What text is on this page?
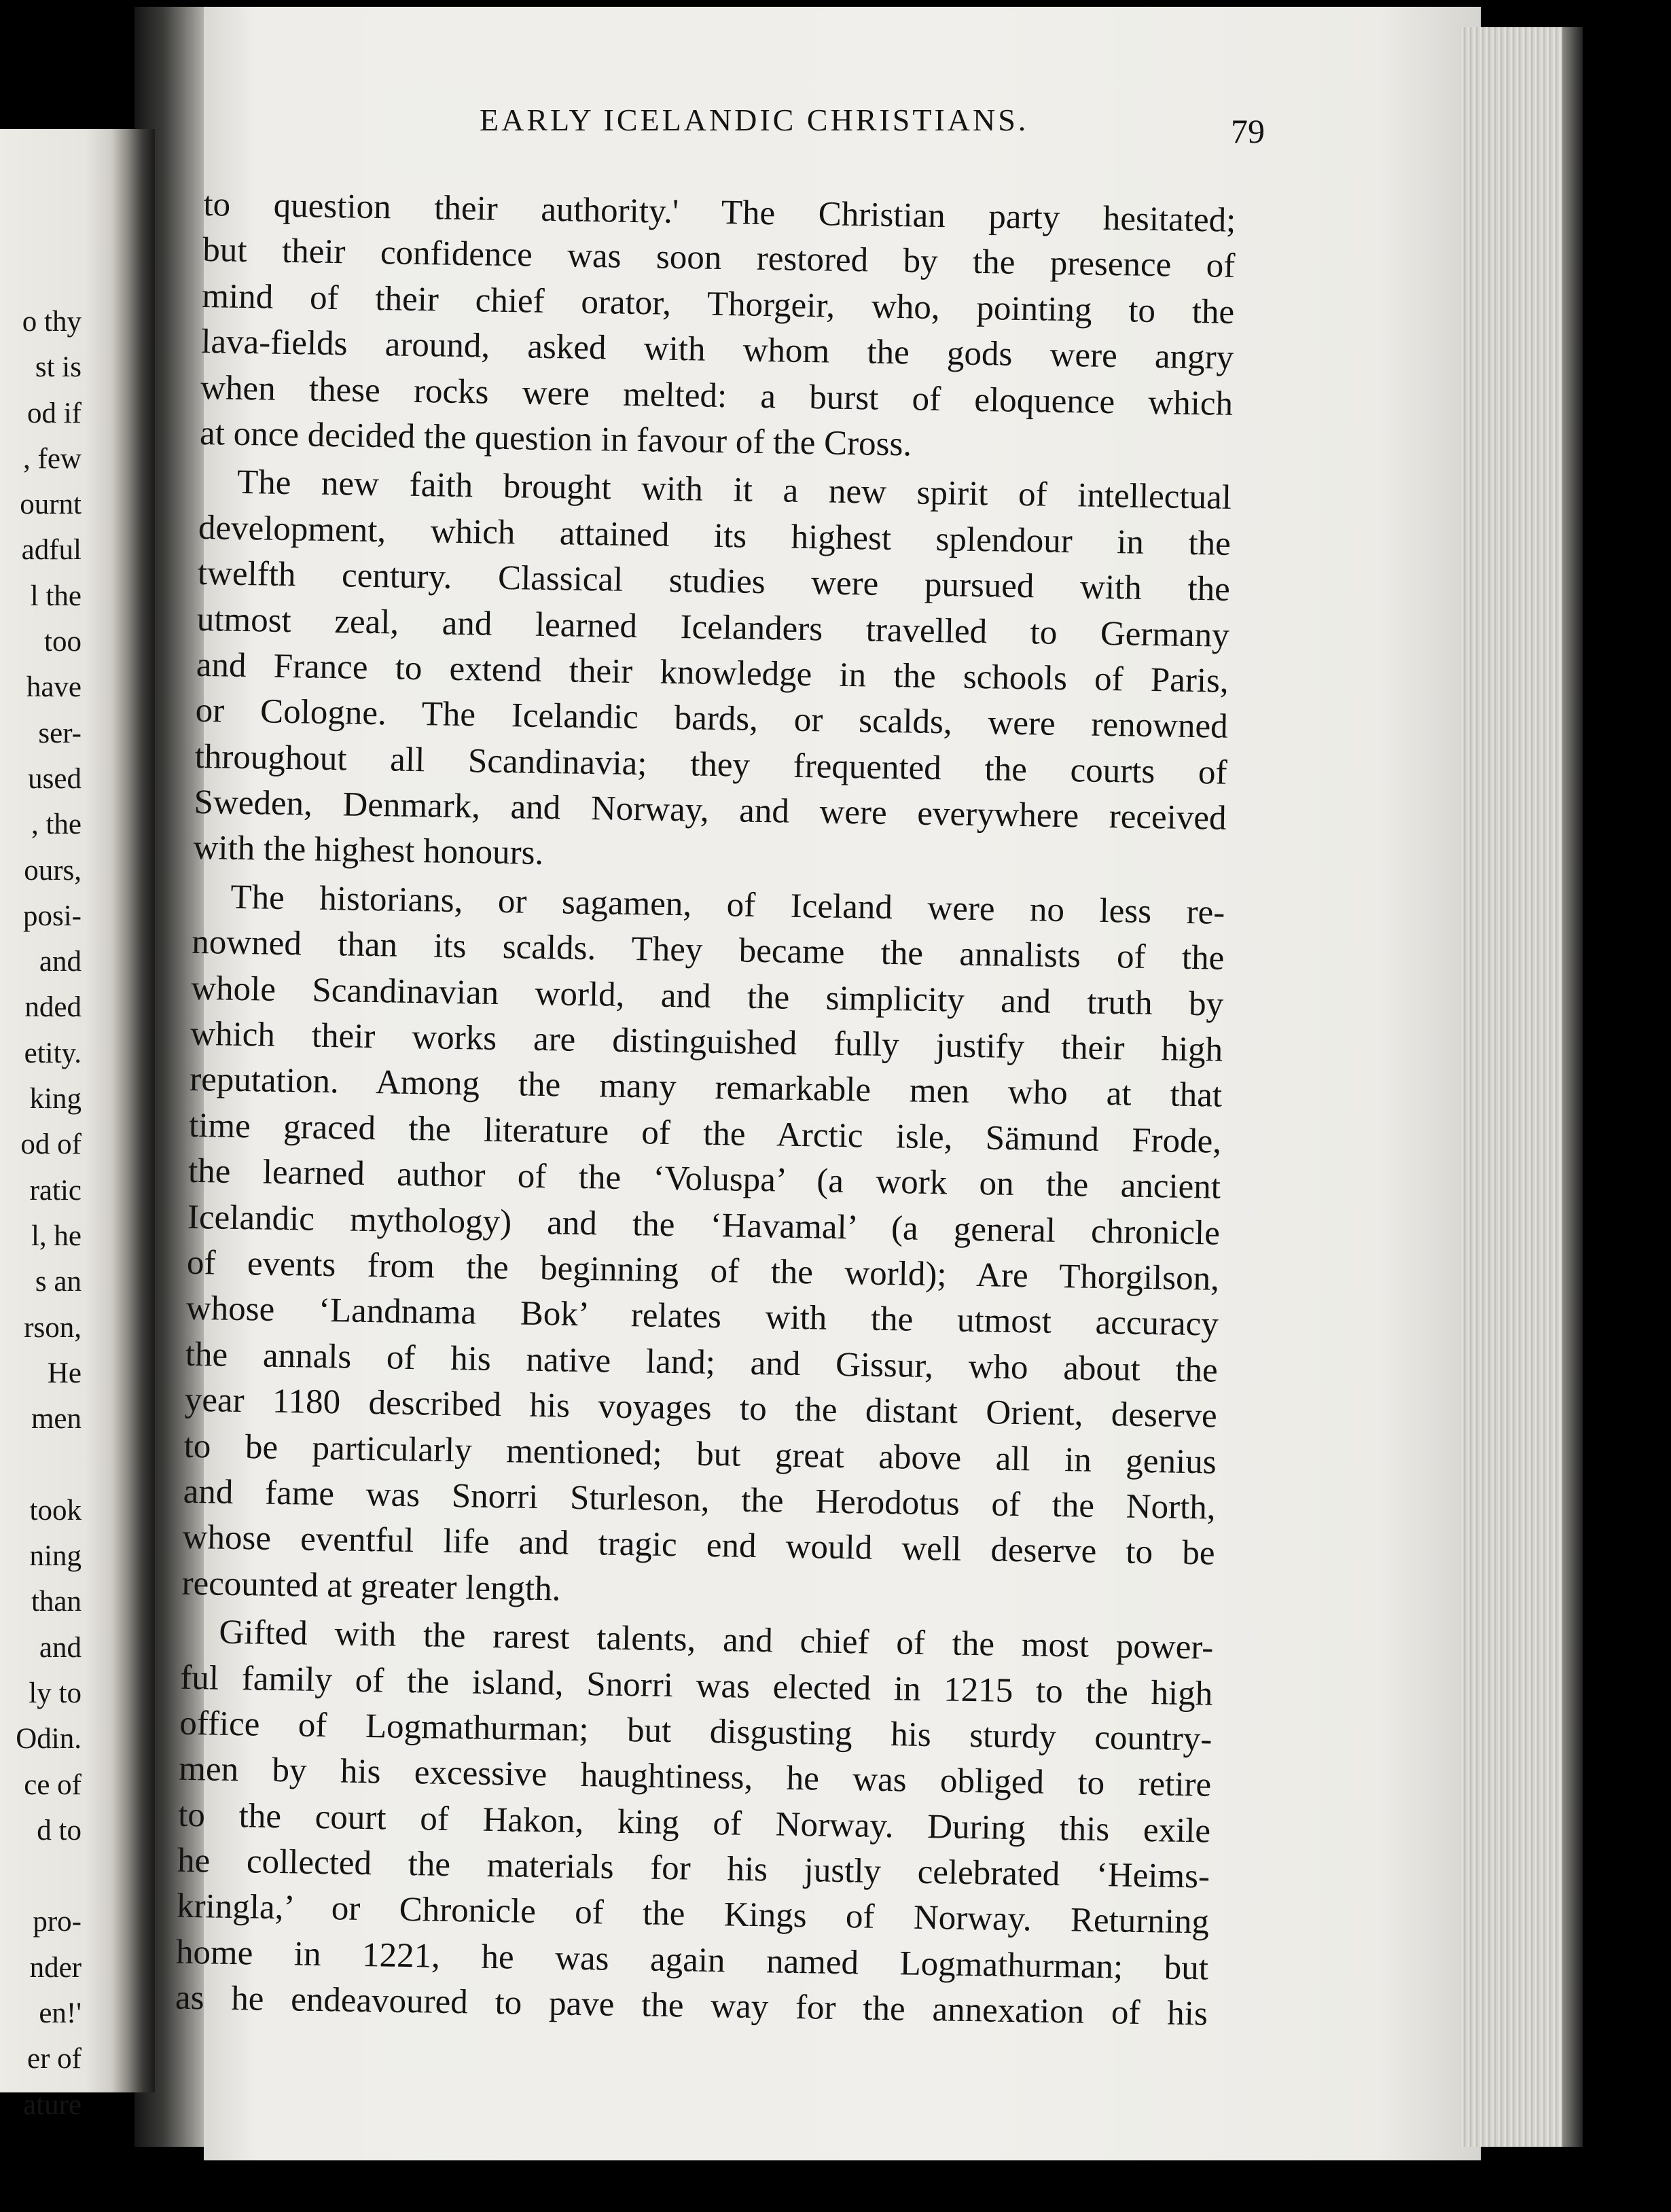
o thy
st is
od if
, few
ournt
adful
l the
too
have
ser-
used
, the
ours,
posi-
and
nded
etity.
king
od of
ratic
l, he
s an
rson,
He
men
took
ning
than
and
ly to
Odin.
ce of
d to
pro-
nder
en!'
er of
ature
EARLY ICELANDIC CHRISTIANS.	79
to question their authority.' The Christian party hesitated;
but their confidence was soon restored by the presence of
mind of their chief orator, Thorgeir, who, pointing to the
lava-fields around, asked with whom the gods were angry
when these rocks were melted: a burst of eloquence which
at once decided the question in favour of the Cross.
The new faith brought with it a new spirit of intellectual
development, which attained its highest splendour in the
twelfth century. Classical studies were pursued with the
utmost zeal, and learned Icelanders travelled to Germany
and France to extend their knowledge in the schools of Paris,
or Cologne. The Icelandic bards, or scalds, were renowned
throughout all Scandinavia; they frequented the courts of
Sweden, Denmark, and Norway, and were everywhere received
with the highest honours.
The historians, or sagamen, of Iceland were no less re-
nowned than its scalds. They became the annalists of the
whole Scandinavian world, and the simplicity and truth by
which their works are distinguished fully justify their high
reputation. Among the many remarkable men who at that
time graced the literature of the Arctic isle, Sämund Frode,
the learned author of the ‘Voluspa’ (a work on the ancient
Icelandic mythology) and the ‘Havamal’ (a general chronicle
of events from the beginning of the world); Are Thorgilson,
whose ‘Landnama Bok’ relates with the utmost accuracy
the annals of his native land; and Gissur, who about the
year 1180 described his voyages to the distant Orient, deserve
to be particularly mentioned; but great above all in genius
and fame was Snorri Sturleson, the Herodotus of the North,
whose eventful life and tragic end would well deserve to be
recounted at greater length.
Gifted with the rarest talents, and chief of the most power-
ful family of the island, Snorri was elected in 1215 to the high
office of Logmathurman; but disgusting his sturdy country-
men by his excessive haughtiness, he was obliged to retire
to the court of Hakon, king of Norway. During this exile
he collected the materials for his justly celebrated ‘Heims-
kringla,’ or Chronicle of the Kings of Norway. Returning
home in 1221, he was again named Logmathurman; but
as he endeavoured to pave the way for the annexation of his
